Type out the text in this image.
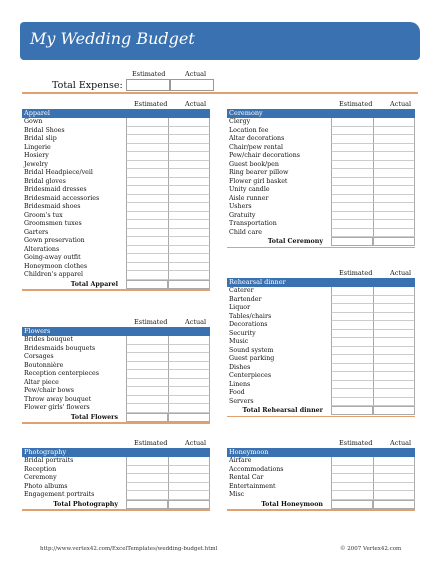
My Wedding Budget
Estimated	Actual
Total Expense:
Estimated	Actual
Apparel
Gown
Bridal Shoes
Bridal slip
Lingerie
Hosiery
Jewelry
Bridal Headpiece/veil
Bridal gloves
Bridesmaid dresses
Bridesmaid accessories
Bridesmaid shoes
Groom's tux
Groomsmen tuxes
Garters
Gown preservation
Alterations
Going-away outfit
Honeymoon clothes
Children's apparel
Total Apparel
Estimated	Actual
Flowers
Brides bouquet
Bridesmaids bouquets
Corsages
Boutonnière
Reception centerpieces
Altar piece
Pew/chair bows
Throw away bouquet
Flower girls' flowers
Total Flowers
Estimated	Actual
Photography
Bridal portraits
Reception
Ceremony
Photo albums
Engagement portraits
Total Photography
Estimated	Actual
Ceremony
Clergy
Location fee
Altar decorations
Chair/pew rental
Pew/chair decorations
Guest book/pen
Ring bearer pillow
Flower girl basket
Unity candle
Aisle runner
Ushers
Gratuity
Transportation
Child care
Total Ceremony
Estimated	Actual
Rehearsal dinner
Caterer
Bartender
Liquor
Tables/chairs
Decorations
Security
Music
Sound system
Guest parking
Dishes
Centerpieces
Linens
Food
Servers
Total Rehearsal dinner
Estimated	Actual
Honeymoon
Airfare
Accommodations
Rental Car
Entertainment
Misc
Total Honeymoon
http://www.vertex42.com/ExcelTemplates/wedding-budget.html	© 2007 Vertex42.com
